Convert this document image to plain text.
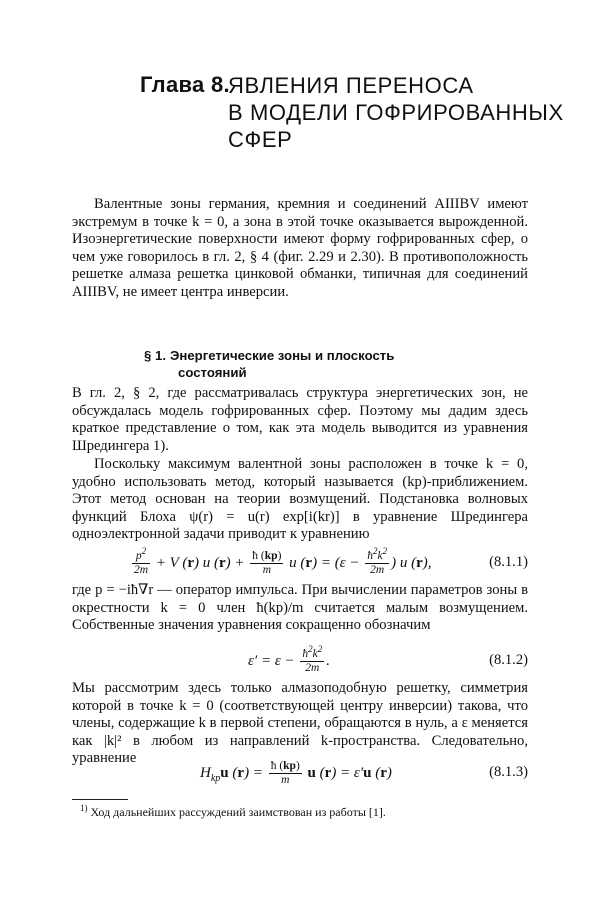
Глава 8.
ЯВЛЕНИЯ ПЕРЕНОСА
В МОДЕЛИ ГОФРИРОВАННЫХ
СФЕР

Валентные зоны германия, кремния и соединений AIIIBV имеют экстремум в точке k = 0, а зона в этой точке оказывается вырожденной. Изоэнергетические поверхности имеют форму гофрированных сфер, о чем уже говорилось в гл. 2, § 4 (фиг. 2.29 и 2.30). В противоположность решетке алмаза решетка цинковой обманки, типичная для соединений AIIIBV, не имеет центра инверсии.

§ 1. Энергетические зоны и плоскость
состояний

В гл. 2, § 2, где рассматривалась структура энергетических зон, не обсуждалась модель гофрированных сфер. Поэтому мы дадим здесь краткое представление о том, как эта модель выводится из уравнения Шредингера 1).

Поскольку максимум валентной зоны расположен в точке k = 0, удобно использовать метод, который называется (kp)-приближением. Этот метод основан на теории возмущений. Подстановка волновых функций Блоха ψ(r) = u(r) exp[i(kr)] в уравнение Шредингера одноэлектронной задачи приводит к уравнению

$\frac{p^2}{2m} + V$ (r) u $(r) + \frac{ħ (kp)}{m}$ u $(r) = (\varepsilon - \frac{ħ^2k^2}{2m}$ ) u (r),	(8.1.1)

где p = −iħ∇r — оператор импульса. При вычислении параметров зоны в окрестности k = 0 член ħ(kp)/m считается малым возмущением. Собственные значения уравнения сокращенно обозначим

$\varepsilon' = \varepsilon - \frac{ħ^2k^2}{2m}$ .	(8.1.2)

Мы рассмотрим здесь только алмазоподобную решетку, симметрия которой в точке k = 0 (соответствующей центру инверсии) такова, что члены, содержащие k в первой степени, обращаются в нуль, а ε меняется как |k|² в любом из направлений k-пространства. Следовательно, уравнение

$H_{kp}u$ $(r) = \frac{ħ (kp)}{m}$ u (r) = ε′u (r)	(8.1.3)
$^{1)}$ Ход дальнейших рассуждений заимствован из работы [1].
